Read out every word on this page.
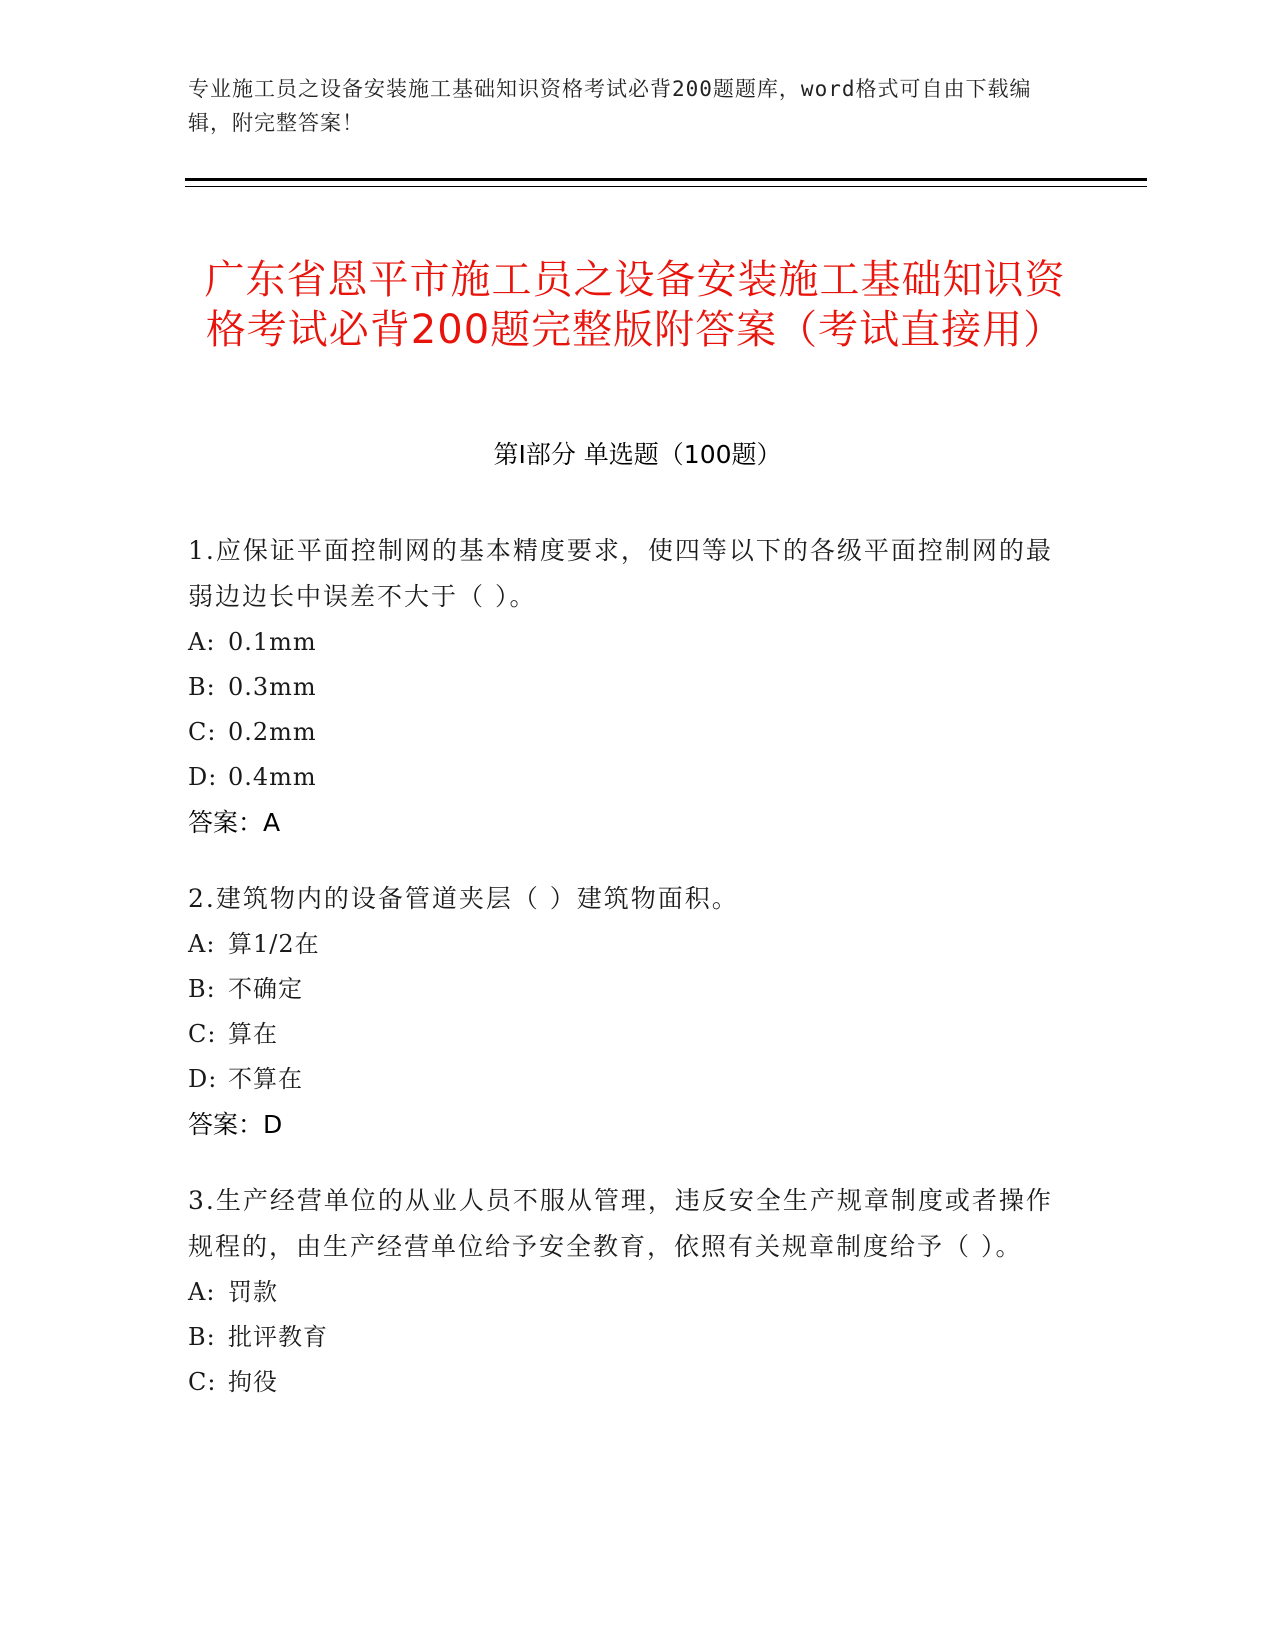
专业施工员之设备安装施工基础知识资格考试必背200题题库，word格式可自由下载编辑，附完整答案！
广东省恩平市施工员之设备安装施工基础知识资格考试必背200题完整版附答案（考试直接用）
第Ⅰ部分 单选题（100题）

1.应保证平面控制网的基本精度要求，使四等以下的各级平面控制网的最弱边边长中误差不大于（ ）。

A: 0.1mm
B: 0.3mm
C: 0.2mm
D: 0.4mm
答案：A

2.建筑物内的设备管道夹层（ ）建筑物面积。

A: 算1/2在
B: 不确定
C: 算在
D: 不算在
答案：D

3.生产经营单位的从业人员不服从管理，违反安全生产规章制度或者操作规程的，由生产经营单位给予安全教育，依照有关规章制度给予（ ）。

A: 罚款
B: 批评教育
C: 拘役
